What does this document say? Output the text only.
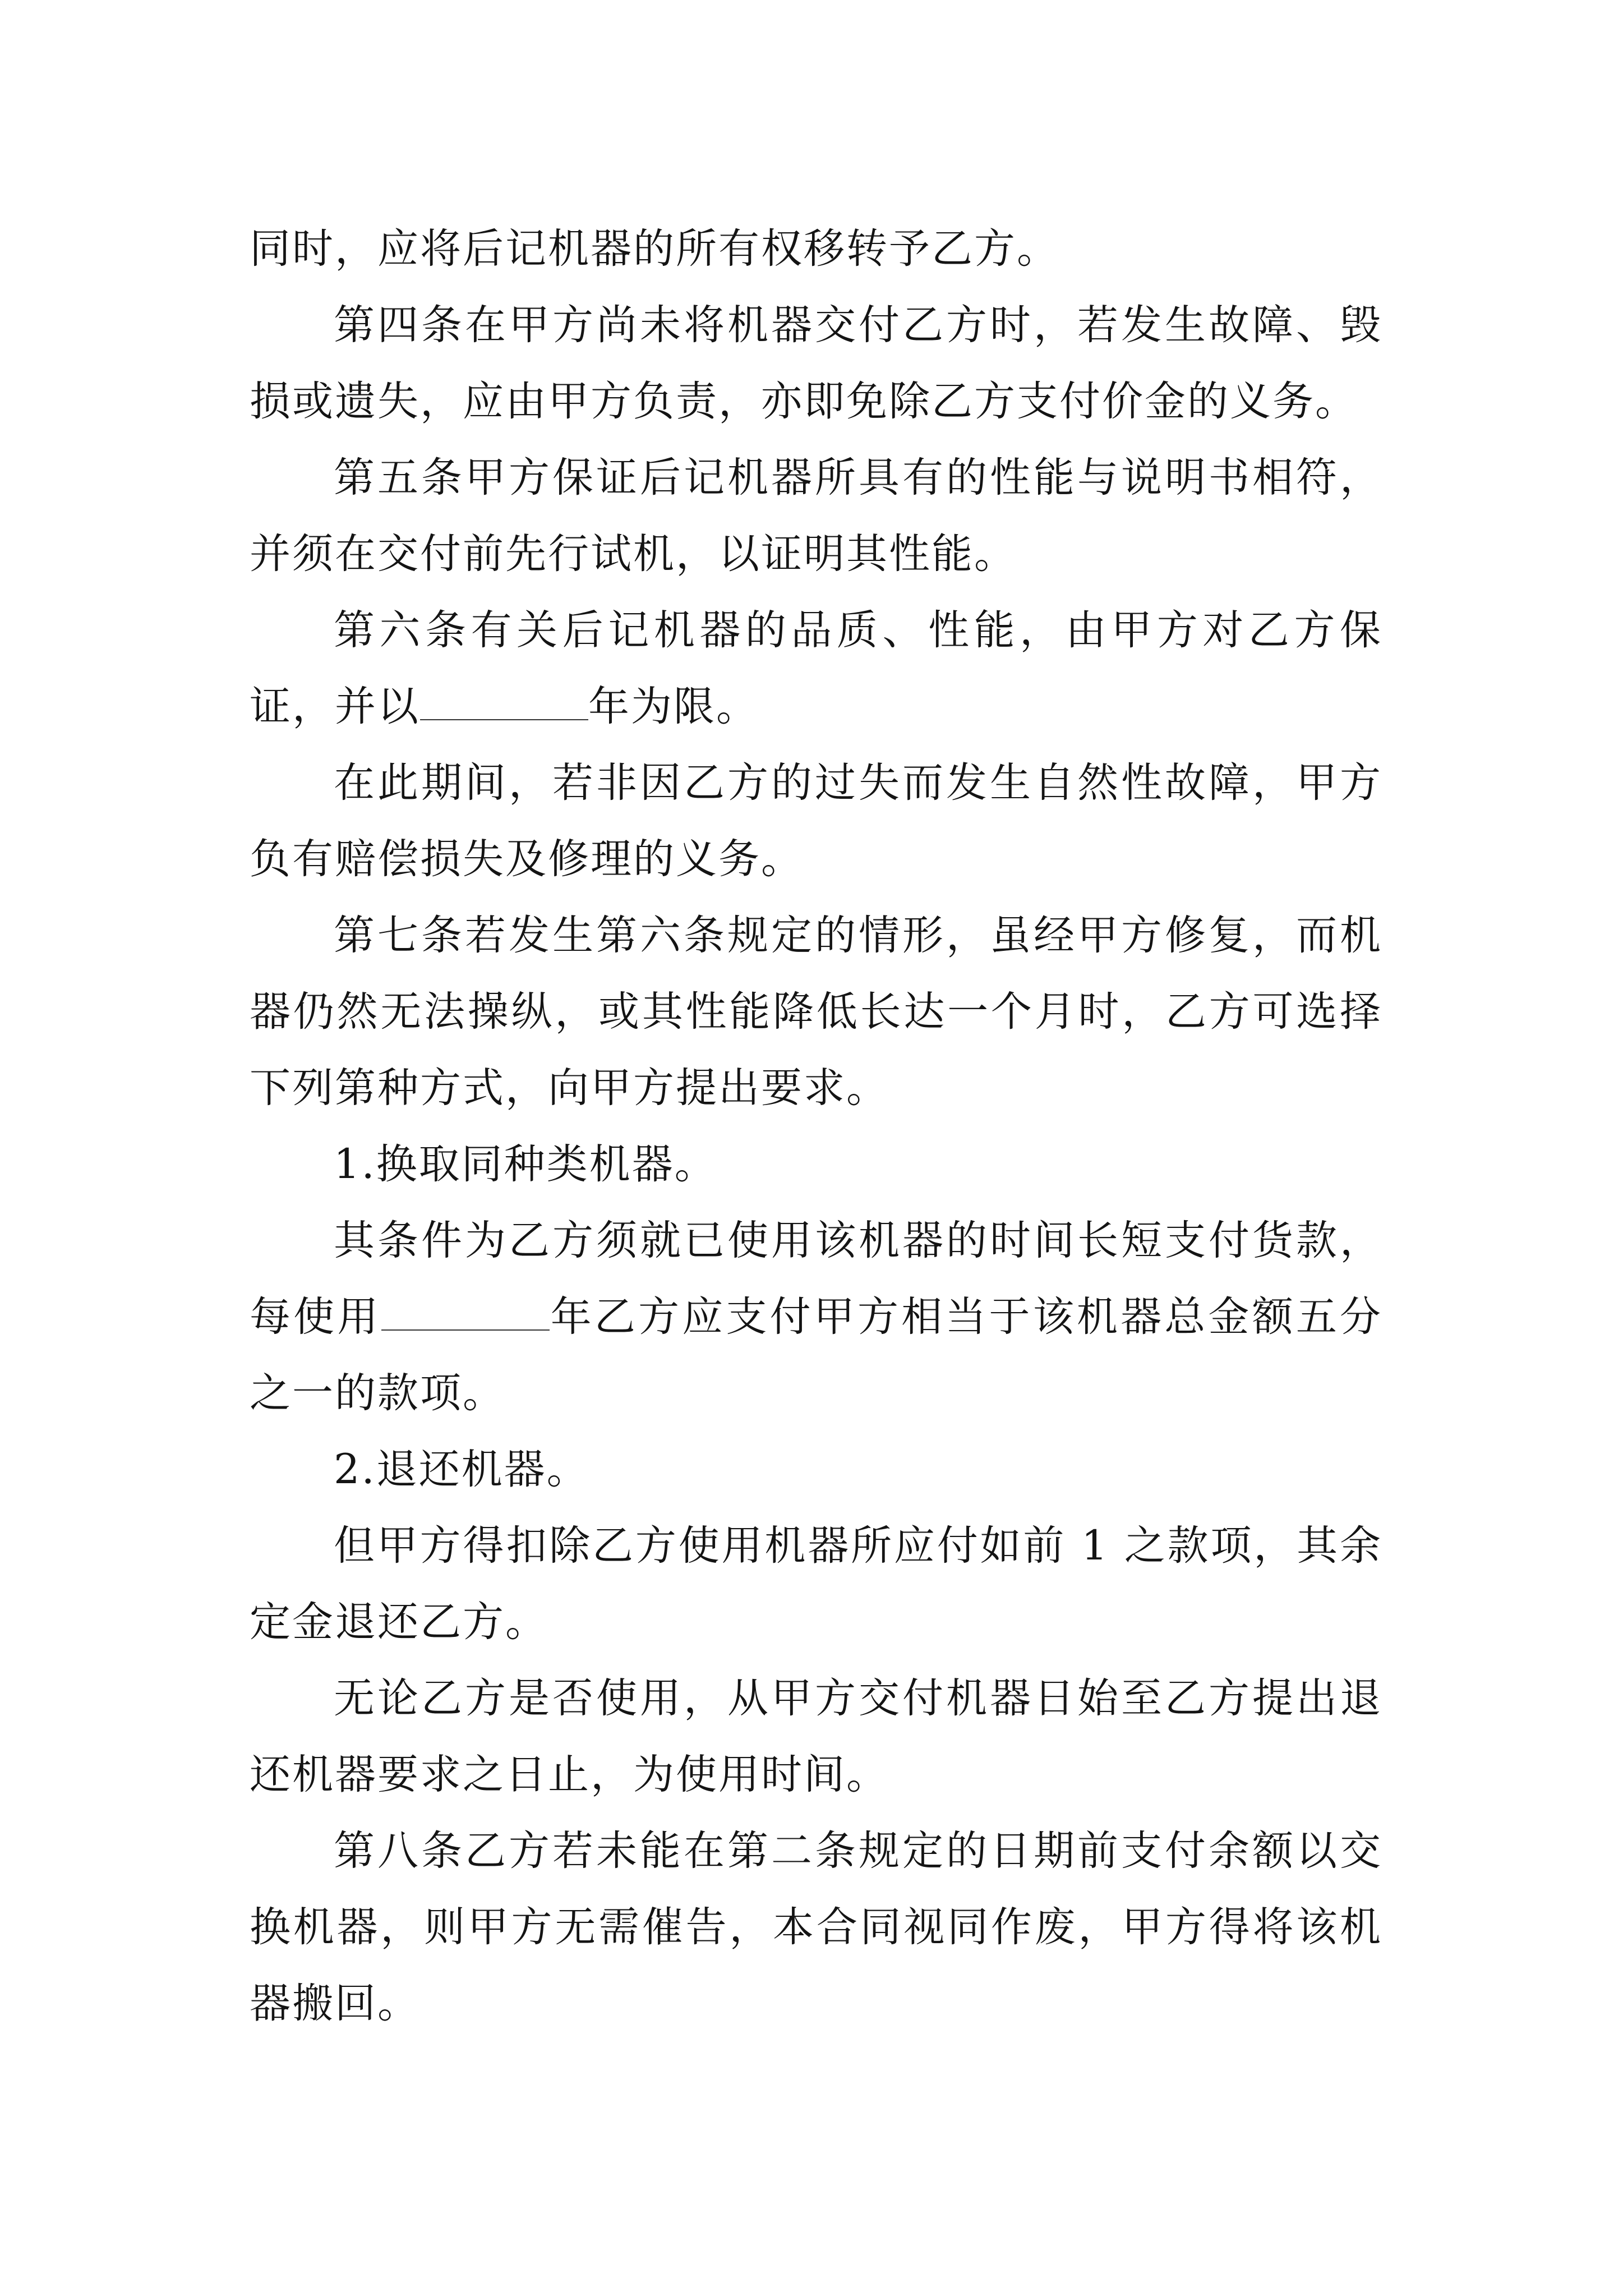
同时，应将后记机器的所有权移转予乙方。

第四条在甲方尚未将机器交付乙方时，若发生故障、毁损或遗失，应由甲方负责，亦即免除乙方支付价金的义务。

第五条甲方保证后记机器所具有的性能与说明书相符，并须在交付前先行试机，以证明其性能。

第六条有关后记机器的品质、性能，由甲方对乙方保证，并以	年为限。

在此期间，若非因乙方的过失而发生自然性故障，甲方负有赔偿损失及修理的义务。

第七条若发生第六条规定的情形，虽经甲方修复，而机器仍然无法操纵，或其性能降低长达一个月时，乙方可选择下列第种方式，向甲方提出要求。

1.换取同种类机器。

其条件为乙方须就已使用该机器的时间长短支付货款，每使用	年乙方应支付甲方相当于该机器总金额五分之一的款项。

2.退还机器。

但甲方得扣除乙方使用机器所应付如前 1 之款项，其余定金退还乙方。

无论乙方是否使用，从甲方交付机器日始至乙方提出退还机器要求之日止，为使用时间。

第八条乙方若未能在第二条规定的日期前支付余额以交换机器，则甲方无需催告，本合同视同作废，甲方得将该机器搬回。
